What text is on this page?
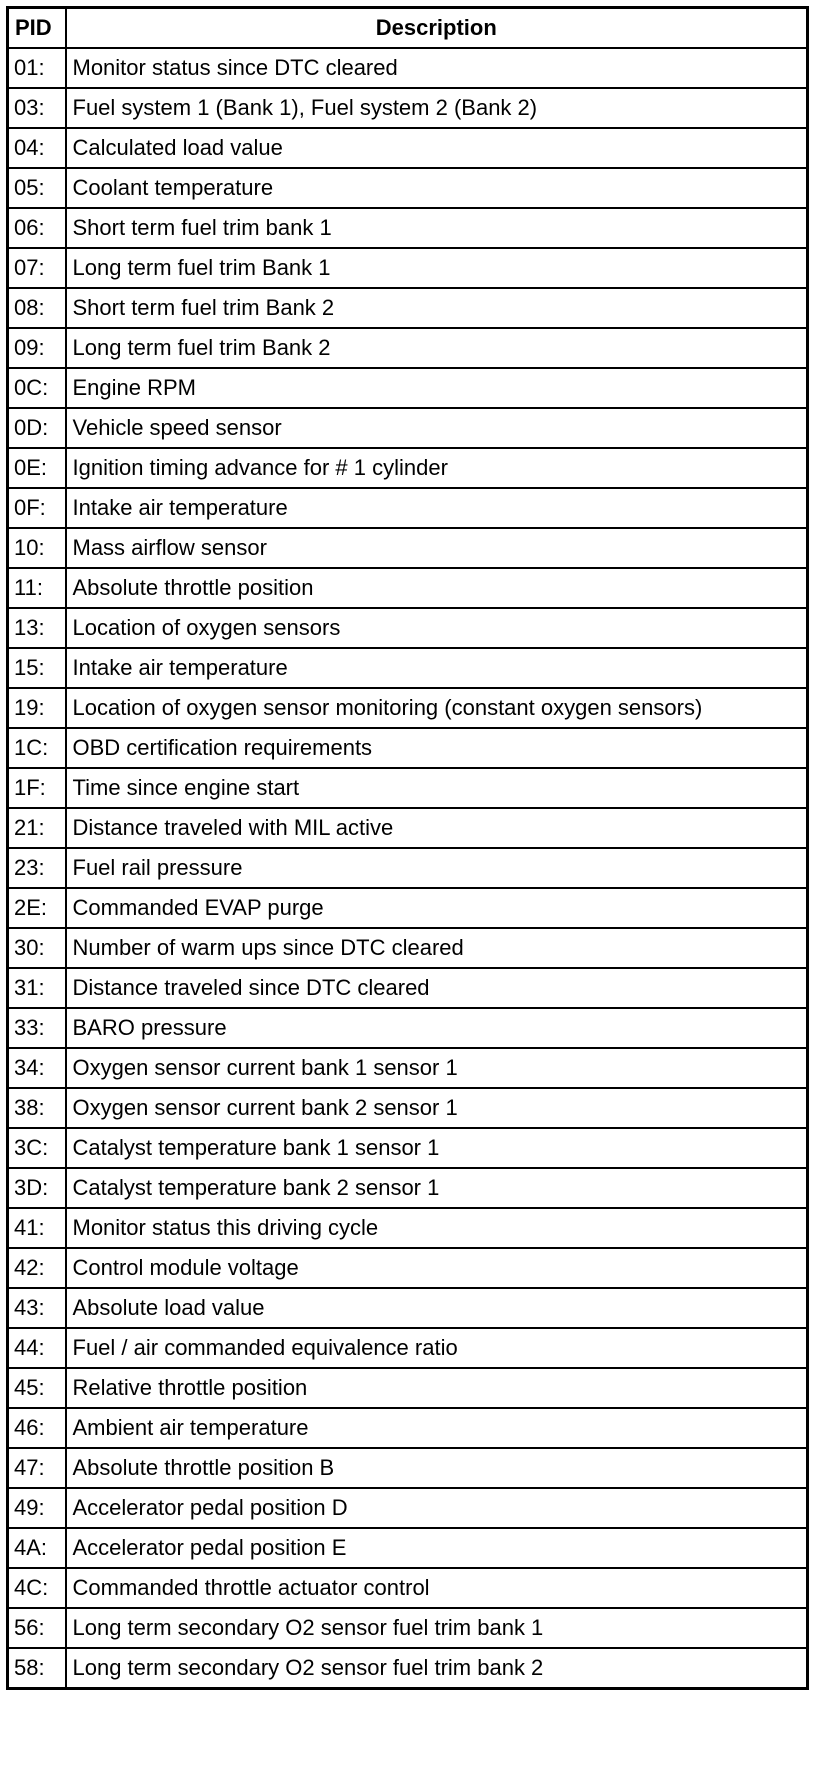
PID	Description
01:	Monitor status since DTC cleared
03:	Fuel system 1 (Bank 1), Fuel system 2 (Bank 2)
04:	Calculated load value
05:	Coolant temperature
06:	Short term fuel trim bank 1
07:	Long term fuel trim Bank 1
08:	Short term fuel trim Bank 2
09:	Long term fuel trim Bank 2
0C:	Engine RPM
0D:	Vehicle speed sensor
0E:	Ignition timing advance for # 1 cylinder
0F:	Intake air temperature
10:	Mass airflow sensor
11:	Absolute throttle position
13:	Location of oxygen sensors
15:	Intake air temperature
19:	Location of oxygen sensor monitoring (constant oxygen sensors)
1C:	OBD certification requirements
1F:	Time since engine start
21:	Distance traveled with MIL active
23:	Fuel rail pressure
2E:	Commanded EVAP purge
30:	Number of warm ups since DTC cleared
31:	Distance traveled since DTC cleared
33:	BARO pressure
34:	Oxygen sensor current bank 1 sensor 1
38:	Oxygen sensor current bank 2 sensor 1
3C:	Catalyst temperature bank 1 sensor 1
3D:	Catalyst temperature bank 2 sensor 1
41:	Monitor status this driving cycle
42:	Control module voltage
43:	Absolute load value
44:	Fuel / air commanded equivalence ratio
45:	Relative throttle position
46:	Ambient air temperature
47:	Absolute throttle position B
49:	Accelerator pedal position D
4A:	Accelerator pedal position E
4C:	Commanded throttle actuator control
56:	Long term secondary O2 sensor fuel trim bank 1
58:	Long term secondary O2 sensor fuel trim bank 2
